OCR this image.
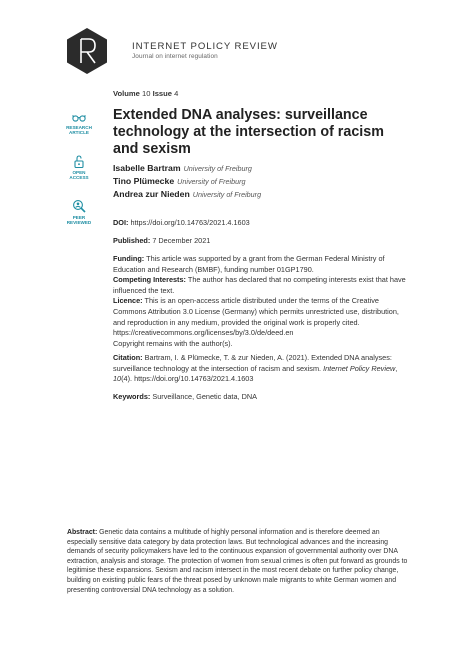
INTERNET POLICY REVIEW
Journal on internet regulation
Volume 10 Issue 4
RESEARCH
ARTICLE
OPEN
ACCESS
PEER
REVIEWED
Extended DNA analyses: surveillance technology at the intersection of racism and sexism
Isabelle Bartram University of Freiburg
Tino Plümecke University of Freiburg
Andrea zur Nieden University of Freiburg
DOI: https://doi.org/10.14763/2021.4.1603
Published: 7 December 2021
Funding: This article was supported by a grant from the German Federal Ministry of Education and Research (BMBF), funding number 01GP1790.
Competing Interests: The author has declared that no competing interests exist that have influenced the text.
Licence: This is an open-access article distributed under the terms of the Creative Commons Attribution 3.0 License (Germany) which permits unrestricted use, distribution, and reproduction in any medium, provided the original work is properly cited. https://creativecommons.org/licenses/by/3.0/de/deed.en
Copyright remains with the author(s).
Citation: Bartram, I. & Plümecke, T. & zur Nieden, A. (2021). Extended DNA analyses: surveillance technology at the intersection of racism and sexism. Internet Policy Review, 10(4). https://doi.org/10.14763/2021.4.1603
Keywords: Surveillance, Genetic data, DNA
Abstract: Genetic data contains a multitude of highly personal information and is therefore deemed an especially sensitive data category by data protection laws. But technological advances and the increasing demands of security policymakers have led to the continuous expansion of governmental authority over DNA extraction, analysis and storage. The protection of women from sexual crimes is often put forward as grounds to legitimise these expansions. Sexism and racism intersect in the most recent debate on further policy change, building on existing public fears of the threat posed by unknown male migrants to white German women and presenting controversial DNA technology as a solution.
